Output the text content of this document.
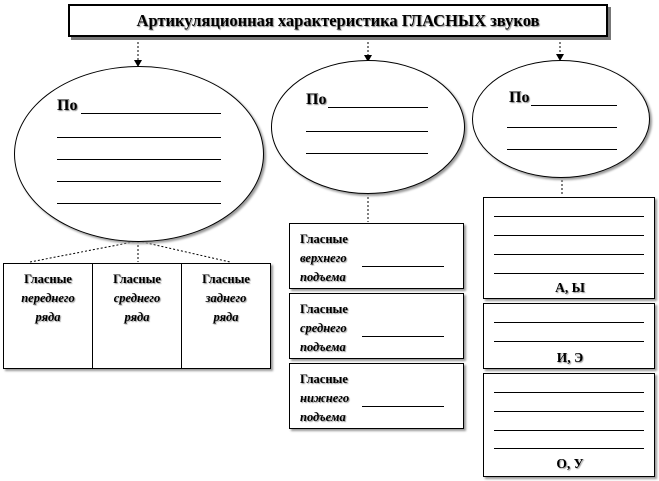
Артикуляционная характеристика ГЛАСНЫХ звуков
По	По	По
Гласные
переднего
ряда
Гласные
среднего
ряда
Гласные
заднего
ряда
Гласные
верхнего
подъема
Гласные
среднего
подъема
Гласные
нижнего
подъема
А, Ы
И, Э
О, У
